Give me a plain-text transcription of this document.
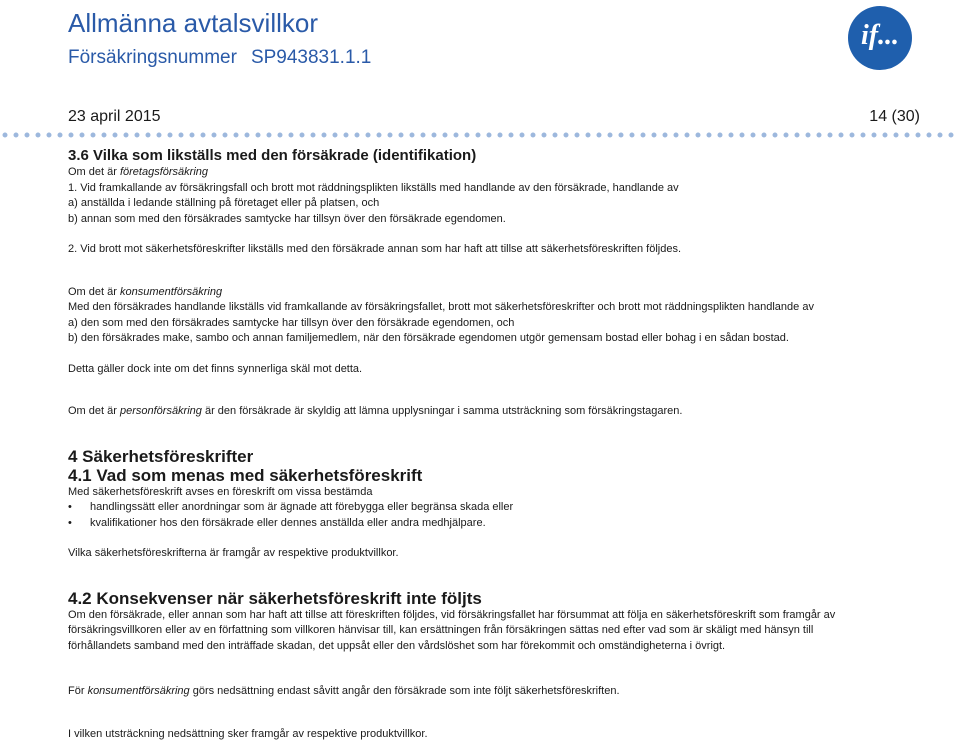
Allmänna avtalsvillkor
Försäkringsnummer SP943831.1.1
if...
23 april 2015	14 (30)

3.6 Vilka som likställs med den försäkrade (identifikation)

Om det är företagsförsäkring

1. Vid framkallande av försäkringsfall och brott mot räddningsplikten likställs med handlande av den försäkrade, handlande av

a) anställda i ledande ställning på företaget eller på platsen, och

b) annan som med den försäkrades samtycke har tillsyn över den försäkrade egendomen.

2. Vid brott mot säkerhetsföreskrifter likställs med den försäkrade annan som har haft att tillse att säkerhetsföreskriften följdes.

Om det är konsumentförsäkring

Med den försäkrades handlande likställs vid framkallande av försäkringsfallet, brott mot säkerhetsföreskrifter och brott mot räddningsplikten handlande av

a) den som med den försäkrades samtycke har tillsyn över den försäkrade egendomen, och

b) den försäkrades make, sambo och annan familjemedlem, när den försäkrade egendomen utgör gemensam bostad eller bohag i en sådan bostad.

Detta gäller dock inte om det finns synnerliga skäl mot detta.

Om det är personförsäkring är den försäkrade är skyldig att lämna upplysningar i samma utsträckning som försäkringstagaren.

4 Säkerhetsföreskrifter

4.1 Vad som menas med säkerhetsföreskrift

Med säkerhetsföreskrift avses en föreskrift om vissa bestämda

• handlingssätt eller anordningar som är ägnade att förebygga eller begränsa skada eller

• kvalifikationer hos den försäkrade eller dennes anställda eller andra medhjälpare.

Vilka säkerhetsföreskrifterna är framgår av respektive produktvillkor.

4.2 Konsekvenser när säkerhetsföreskrift inte följts

Om den försäkrade, eller annan som har haft att tillse att föreskriften följdes, vid försäkringsfallet har försummat att följa en säkerhetsföreskrift som framgår av

försäkringsvillkoren eller av en författning som villkoren hänvisar till, kan ersättningen från försäkringen sättas ned efter vad som är skäligt med hänsyn till

förhållandets samband med den inträffade skadan, det uppsåt eller den vårdslöshet som har förekommit och omständigheterna i övrigt.

För konsumentförsäkring görs nedsättning endast såvitt angår den försäkrade som inte följt säkerhetsföreskriften.

I vilken utsträckning nedsättning sker framgår av respektive produktvillkor.
